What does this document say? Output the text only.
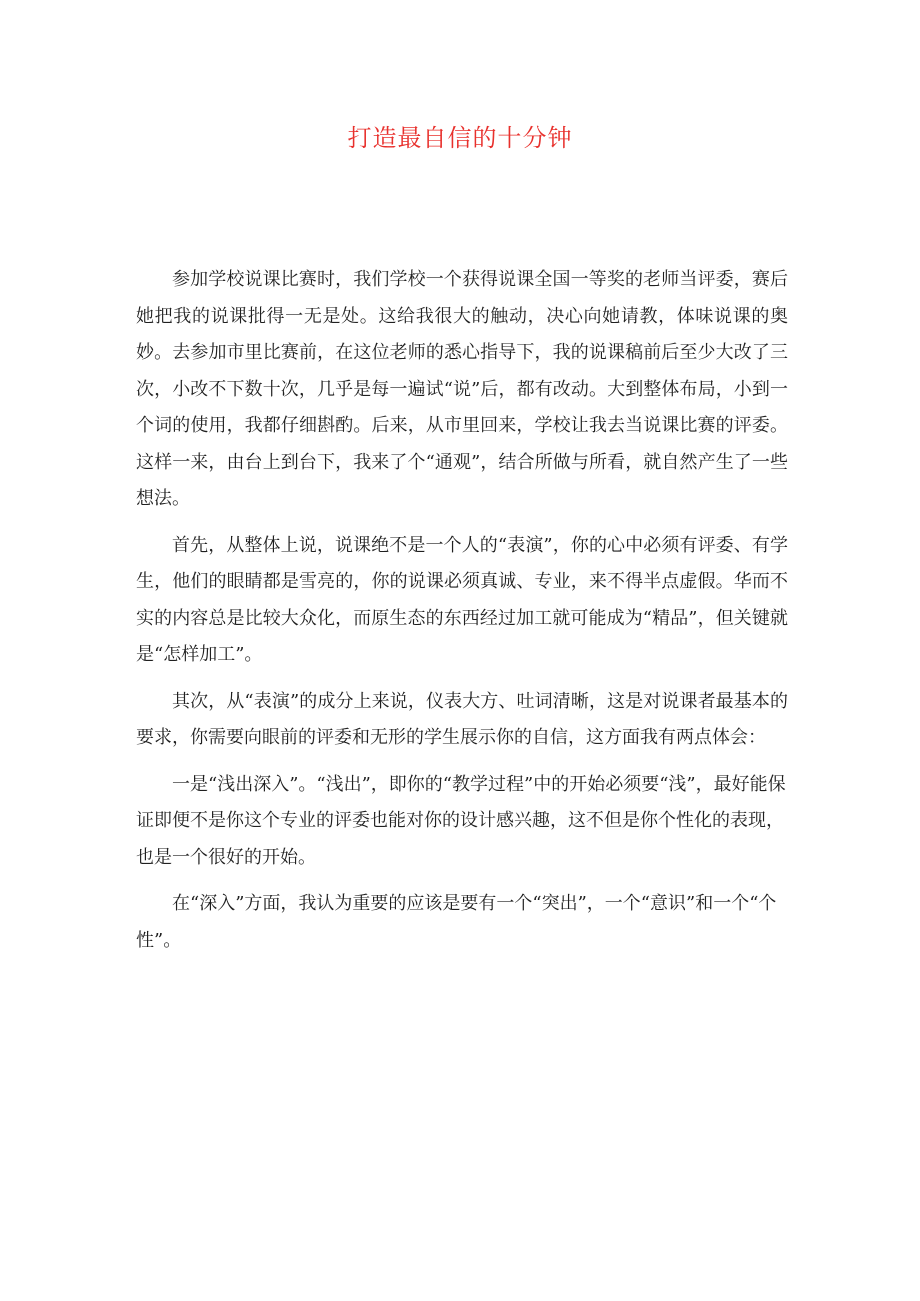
打造最自信的十分钟

参加学校说课比赛时，我们学校一个获得说课全国一等奖的老师当评委，赛后她把我的说课批得一无是处。这给我很大的触动，决心向她请教，体味说课的奥妙。去参加市里比赛前，在这位老师的悉心指导下，我的说课稿前后至少大改了三次，小改不下数十次，几乎是每一遍试“说”后，都有改动。大到整体布局，小到一个词的使用，我都仔细斟酌。后来，从市里回来，学校让我去当说课比赛的评委。这样一来，由台上到台下，我来了个“通观”，结合所做与所看，就自然产生了一些想法。

首先，从整体上说，说课绝不是一个人的“表演”，你的心中必须有评委、有学生，他们的眼睛都是雪亮的，你的说课必须真诚、专业，来不得半点虚假。华而不实的内容总是比较大众化，而原生态的东西经过加工就可能成为“精品”，但关键就是“怎样加工”。

其次，从“表演”的成分上来说，仪表大方、吐词清晰，这是对说课者最基本的要求，你需要向眼前的评委和无形的学生展示你的自信，这方面我有两点体会：

一是“浅出深入”。“浅出”，即你的“教学过程”中的开始必须要“浅”，最好能保证即便不是你这个专业的评委也能对你的设计感兴趣，这不但是你个性化的表现，也是一个很好的开始。

在“深入”方面，我认为重要的应该是要有一个“突出”，一个“意识”和一个“个性”。
